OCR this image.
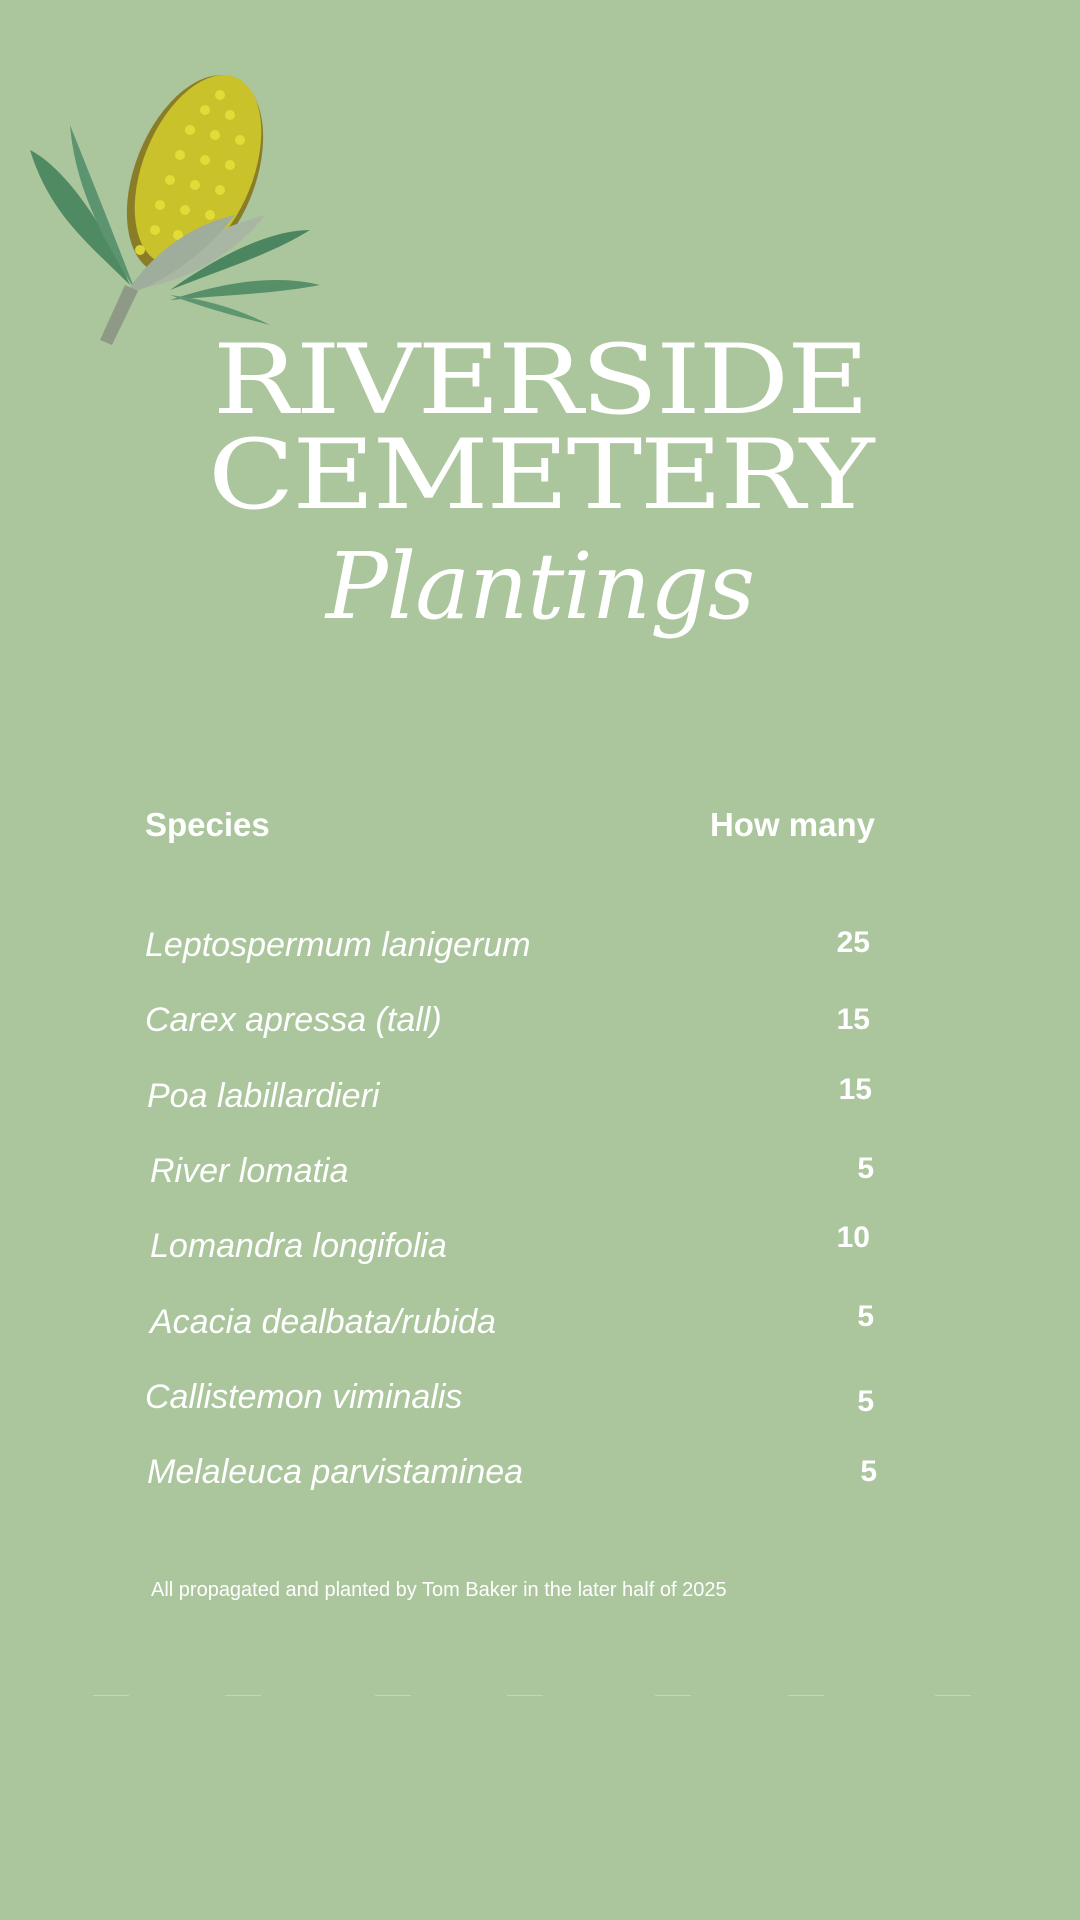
RIVERSIDE
CEMETERY

Plantings

Species	How many
Leptospermum lanigerum	25
Carex apressa (tall)	15
Poa labillardieri	15
River lomatia	5
Lomandra longifolia	10
Acacia dealbata/rubida	5
Callistemon viminalis	5
Melaleuca parvistaminea	5

All propagated and planted by Tom Baker in the later half of 2025
